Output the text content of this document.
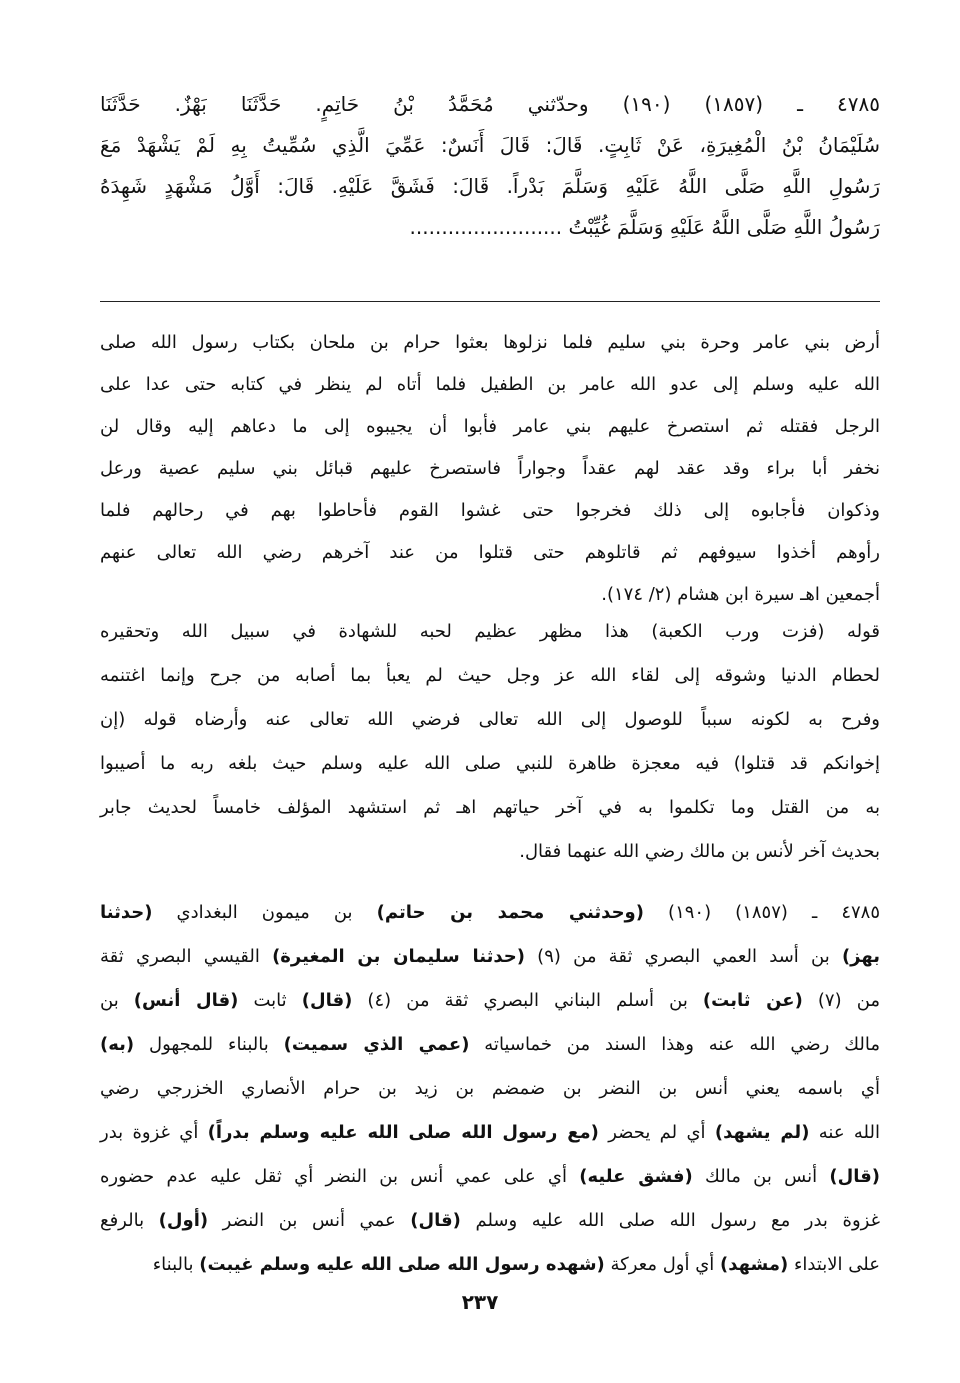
٤٧٨٥ ـ (١٨٥٧) (١٩٠) وحدّثني مُحَمَّدُ بْنُ حَاتِمٍ. حَدَّثَنَا بَهْزٌ. حَدَّثَنَا
سُلَيْمَانُ بْنُ الْمُغِيرَةِ، عَنْ ثَابِتٍ. قَالَ: قَالَ أَنَسٌ: عَمِّيَ الَّذِي سُمِّيتُ بِهِ لَمْ يَشْهَدْ مَعَ
رَسُولِ اللَّهِ صَلَّى اللَّهُ عَلَيْهِ وَسَلَّمَ بَدْراً. قَالَ: فَشَقَّ عَلَيْهِ. قَالَ: أَوَّلُ مَشْهَدٍ شَهِدَهُ
رَسُولُ اللَّهِ صَلَّى اللَّهُ عَلَيْهِ وَسَلَّمَ غُيِّبْتُ ........................
أرض بني عامر وحرة بني سليم فلما نزلوها بعثوا حرام بن ملحان بكتاب رسول الله صلى
الله عليه وسلم إلى عدو الله عامر بن الطفيل فلما أتاه لم ينظر في كتابه حتى عدا على
الرجل فقتله ثم استصرخ عليهم بني عامر فأبوا أن يجيبوه إلى ما دعاهم إليه وقال لن
نخفر أبا براء وقد عقد لهم عقداً وجواراً فاستصرخ عليهم قبائل بني سليم عصية ورعل
وذكوان فأجابوه إلى ذلك فخرجوا حتى غشوا القوم فأحاطوا بهم في رحالهم فلما
رأوهم أخذوا سيوفهم ثم قاتلوهم حتى قتلوا من عند آخرهم رضي الله تعالى عنهم
أجمعين اهـ سيرة ابن هشام (٢/ ١٧٤).
قوله (فزت ورب الكعبة) هذا مظهر عظيم لحبه للشهادة في سبيل الله وتحقيره
لحطام الدنيا وشوقه إلى لقاء الله عز وجل حيث لم يعبأ بما أصابه من جرح وإنما اغتنمه
وفرح به لكونه سبباً للوصول إلى الله تعالى فرضي الله تعالى عنه وأرضاه قوله (إن
إخوانكم قد قتلوا) فيه معجزة ظاهرة للنبي صلى الله عليه وسلم حيث بلغه ربه ما أصيبوا
به من القتل وما تكلموا به في آخر حياتهم اهـ ثم استشهد المؤلف خامساً لحديث جابر
بحديث آخر لأنس بن مالك رضي الله عنهما فقال.
٤٧٨٥ ـ (١٨٥٧) (١٩٠) (وحدثني محمد بن حاتم) بن ميمون البغدادي (حدثنا
بهز) بن أسد العمي البصري ثقة من (٩) (حدثنا سليمان بن المغيرة) القيسي البصري ثقة
من (٧) (عن ثابت) بن أسلم البناني البصري ثقة من (٤) (قال) ثابت (قال أنس) بن
مالك رضي الله عنه وهذا السند من خماسياته (عمي الذي سميت) بالبناء للمجهول (به)
أي باسمه يعني أنس بن النضر بن ضمضم بن زيد بن حرام الأنصاري الخزرجي رضي
الله عنه (لم يشهد) أي لم يحضر (مع رسول الله صلى الله عليه وسلم بدراً) أي غزوة بدر
(قال) أنس بن مالك (فشق عليه) أي على عمي أنس بن النضر أي ثقل عليه عدم حضوره
غزوة بدر مع رسول الله صلى الله عليه وسلم (قال) عمي أنس بن النضر (أول) بالرفع
على الابتداء (مشهد) أي أول معركة (شهده رسول الله صلى الله عليه وسلم غيبت) بالبناء
٢٣٧
